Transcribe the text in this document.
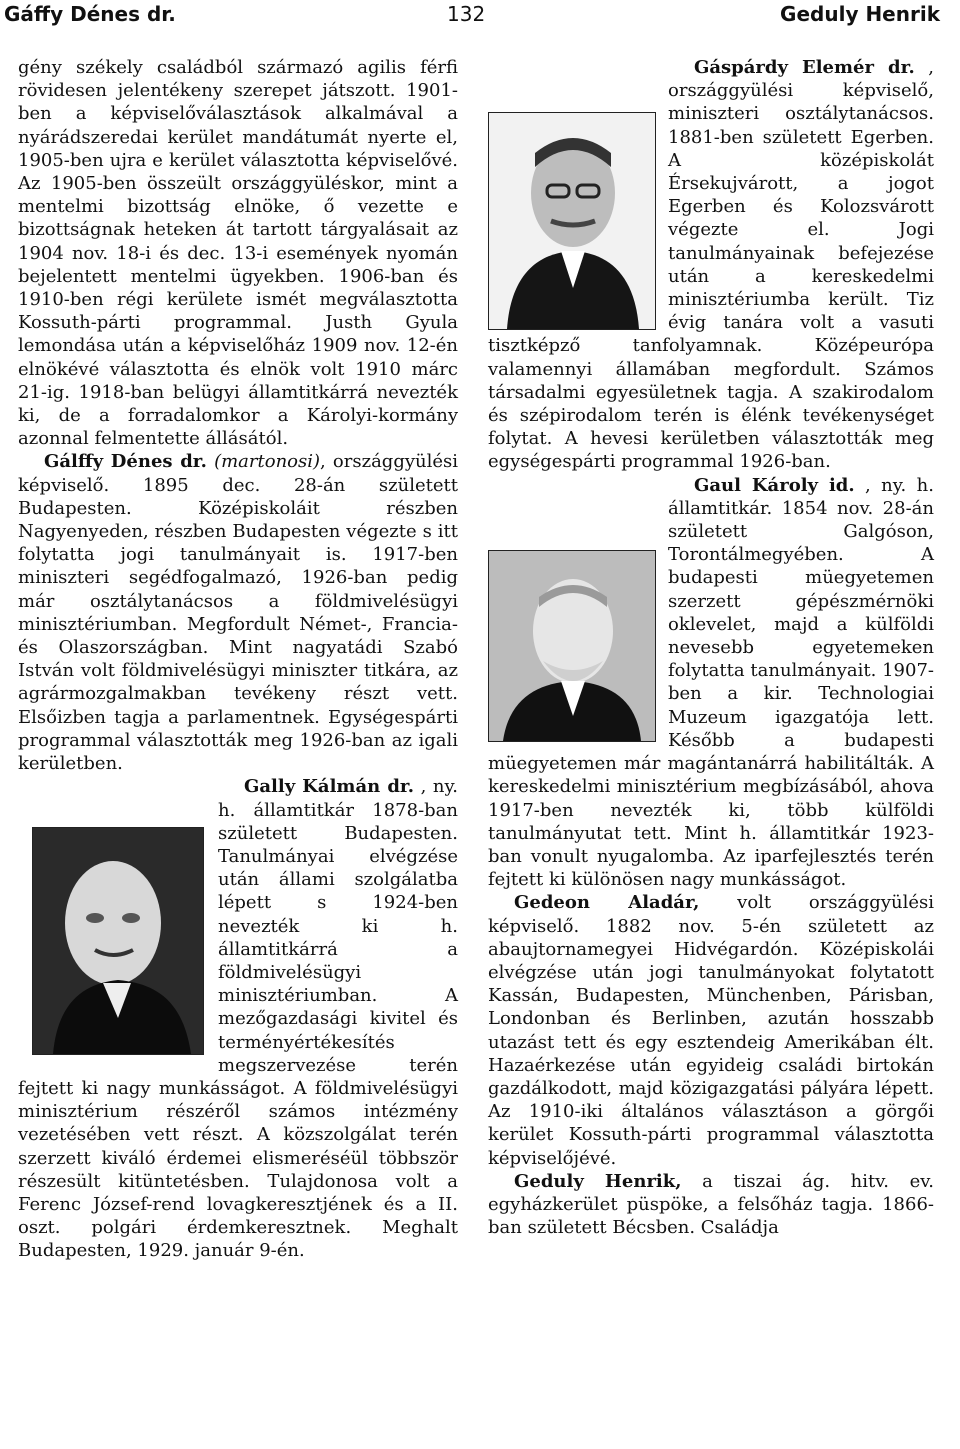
Gáffy Dénes dr.	132	Geduly Henrik

gény székely családból származó agilis férfi rövidesen jelentékeny szerepet játszott. 1901-ben a képviselőválasztások alkalmával a nyárádszeredai kerület mandátumát nyerte el, 1905-ben ujra e kerület választotta képviselővé. Az 1905-ben összeült országgyüléskor, mint a mentelmi bizottság elnöke, ő vezette e bizottságnak heteken át tartott tárgyalásait az 1904 nov. 18-i és dec. 13-i események nyomán bejelentett mentelmi ügyekben. 1906-ban és 1910-ben régi kerülete ismét megválasztotta Kossuth-párti programmal. Justh Gyula lemondása után a képviselőház 1909 nov. 12-én elnökévé választotta és elnök volt 1910 márc 21-ig. 1918-ban belügyi államtitkárrá nevezték ki, de a forradalomkor a Károlyi-kormány azonnal felmentette állásától.

Gálffy Dénes dr. (martonosi), országgyülési képviselő. 1895 dec. 28-án született Budapesten. Középiskoláit részben Nagyenyeden, részben Budapesten végezte s itt folytatta jogi tanulmányait is. 1917-ben miniszteri segédfogalmazó, 1926-ban pedig már osztálytanácsos a földmivelésügyi minisztériumban. Megfordult Német-, Francia- és Olaszországban. Mint nagyatádi Szabó István volt földmivelésügyi miniszter titkára, az agrármozgalmakban tevékeny részt vett. Elsőizben tagja a parlamentnek. Egységespárti programmal választották meg 1926-ban az igali kerületben.

Gally Kálmán dr. , ny. h. államtitkár 1878-ban született Budapesten. Tanulmányai elvégzése után állami szolgálatba lépett s 1924-ben nevezték ki h. államtitkárrá a földmivelésügyi minisztériumban. A mezőgazdasági kivitel és terményértékesítés megszervezése terén fejtett ki nagy munkásságot. A földmivelésügyi minisztérium részéről számos intézmény vezetésében vett részt. A közszolgálat terén szerzett kiváló érdemei elismeréséül többször részesült kitüntetésben. Tulajdonosa volt a Ferenc József-rend lovagkeresztjének és a II. oszt. polgári érdemkeresztnek. Meghalt Budapesten, 1929. január 9-én.

Gáspárdy Elemér dr. , országgyülési képviselő, miniszteri osztálytanácsos. 1881-ben született Egerben. A középiskolát Érsekujvárott, a jogot Egerben és Kolozsvárott végezte el. Jogi tanulmányainak befejezése után a kereskedelmi minisztériumba került. Tiz évig tanára volt a vasuti tisztképző tanfolyamnak. Középeurópa valamennyi államában megfordult. Számos társadalmi egyesületnek tagja. A szakirodalom és szépirodalom terén is élénk tevékenységet folytat. A hevesi kerületben választották meg egységespárti programmal 1926-ban.

Gaul Károly id. , ny. h. államtitkár. 1854 nov. 28-án született Galgóson, Torontálmegyében. A budapesti müegyetemen szerzett gépészmérnöki oklevelet, majd a külföldi nevesebb egyetemeken folytatta tanulmányait. 1907-ben a kir. Technologiai Muzeum igazgatója lett. Később a budapesti müegyetemen már magántanárrá habilitálták. A kereskedelmi minisztérium megbízásából, ahova 1917-ben nevezték ki, több külföldi tanulmányutat tett. Mint h. államtitkár 1923-ban vonult nyugalomba. Az iparfejlesztés terén fejtett ki különösen nagy munkásságot.

Gedeon Aladár, volt országgyülési képviselő. 1882 nov. 5-én született az abaujtornamegyei Hidvégardón. Középiskolái elvégzése után jogi tanulmányokat folytatott Kassán, Budapesten, Münchenben, Párisban, Londonban és Berlinben, azután hosszabb utazást tett és egy esztendeig Amerikában élt. Hazaérkezése után egyideig családi birtokán gazdálkodott, majd közigazgatási pályára lépett. Az 1910-iki általános választáson a görgői kerület Kossuth-párti programmal választotta képviselőjévé.

Geduly Henrik, a tiszai ág. hitv. ev. egyházkerület püspöke, a felsőház tagja. 1866-ban született Bécsben. Családja
